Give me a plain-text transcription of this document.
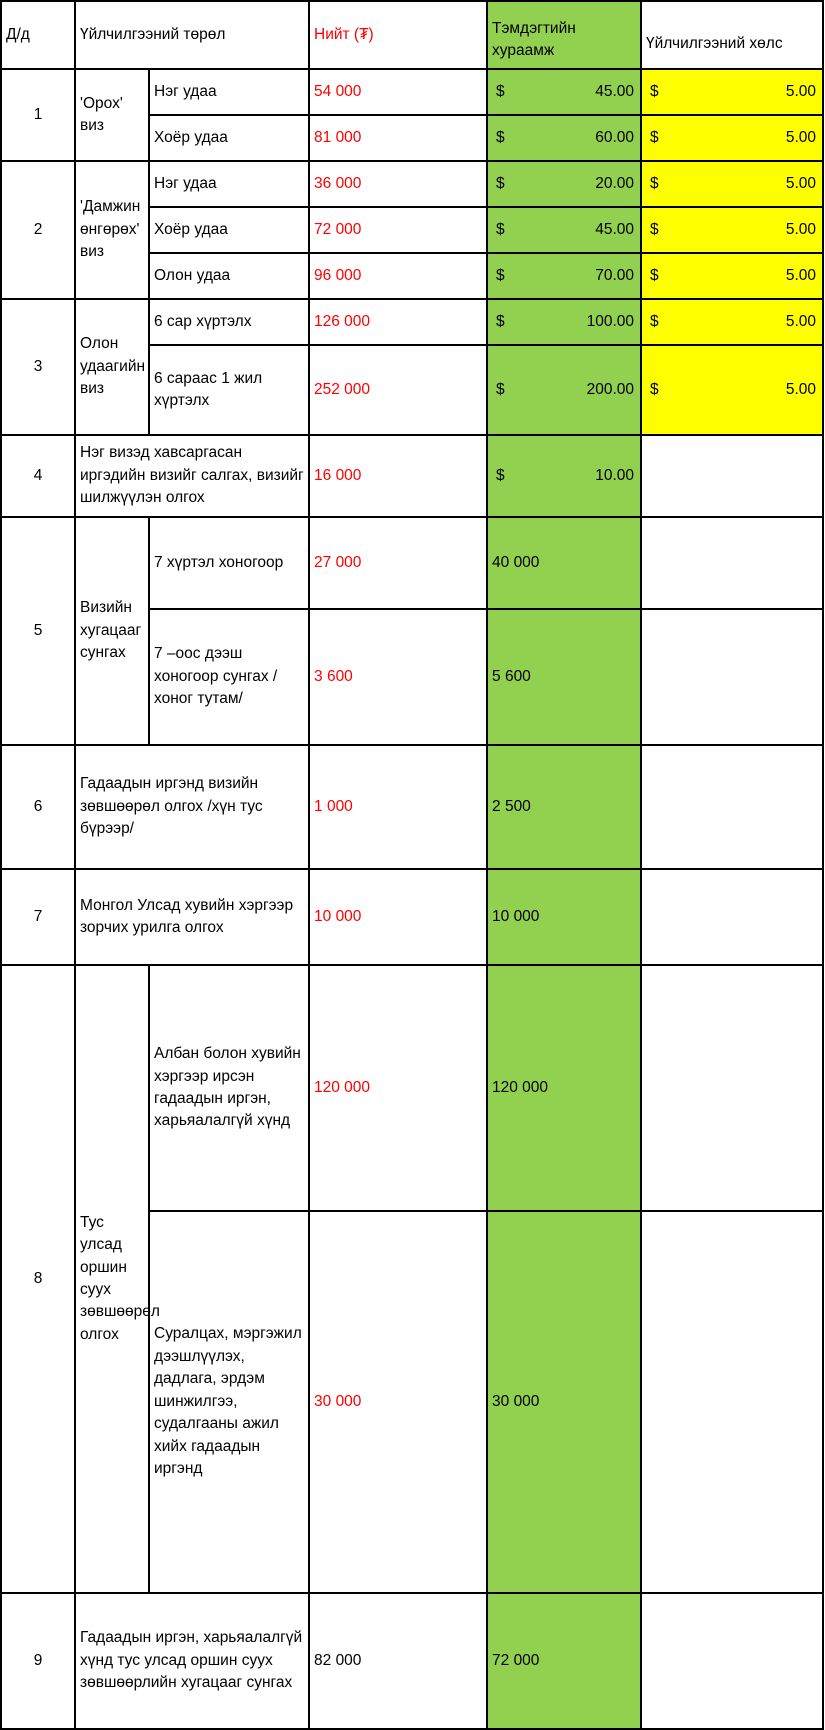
Д/д	Үйлчилгээний төрөл		Нийт (₮)	Тэмдэгтийн хураамж	Үйлчилгээний хөлс
1	'Орох' виз	Нэг удаа	54 000	$ 45.00	$ 5.00

		Хоёр удаа	81 000	$ 60.00	$ 5.00

2	'Дамжин өнгөрөх' виз	Нэг удаа	36 000	$ 20.00	$ 5.00

		Хоёр удаа	72 000	$ 45.00	$ 5.00

		Олон удаа	96 000	$ 70.00	$ 5.00

3	Олон удаагийн виз	6 сар хүртэлх	126 000	$ 100.00	$ 5.00

		6 сараас 1 жил хүртэлх	252 000	$ 200.00	$ 5.00

4	Нэг визэд хавсаргасан иргэдийн визийг салгах, визийг шилжүүлэн олгох		16 000	$ 10.00	

5	Визийн хугацааг сунгах	7 хүртэл хоногоор	27 000	40 000	
		7 –оос дээш хоногоор сунгах /хоног тутам/	3 600	5 600	
6	Гадаадын иргэнд визийн зөвшөөрөл олгох /хүн тус бүрээр/		1 000	2 500	
7	Монгол Улсад хувийн хэргээр зорчих урилга олгох		10 000	10 000	
8	Тус улсад оршин суух зөвшөөрөл олгох	Албан болон хувийн хэргээр ирсэн гадаадын иргэн, харьяалалгүй хүнд	120 000	120 000	
		Суралцах, мэргэжил дээшлүүлэх, дадлага, эрдэм шинжилгээ, судалгааны ажил хийх гадаадын иргэнд	30 000	30 000	
9	Гадаадын иргэн, харьяалалгүй хүнд тус улсад оршин суух зөвшөөрлийн хугацааг сунгах		82 000	72 000	
